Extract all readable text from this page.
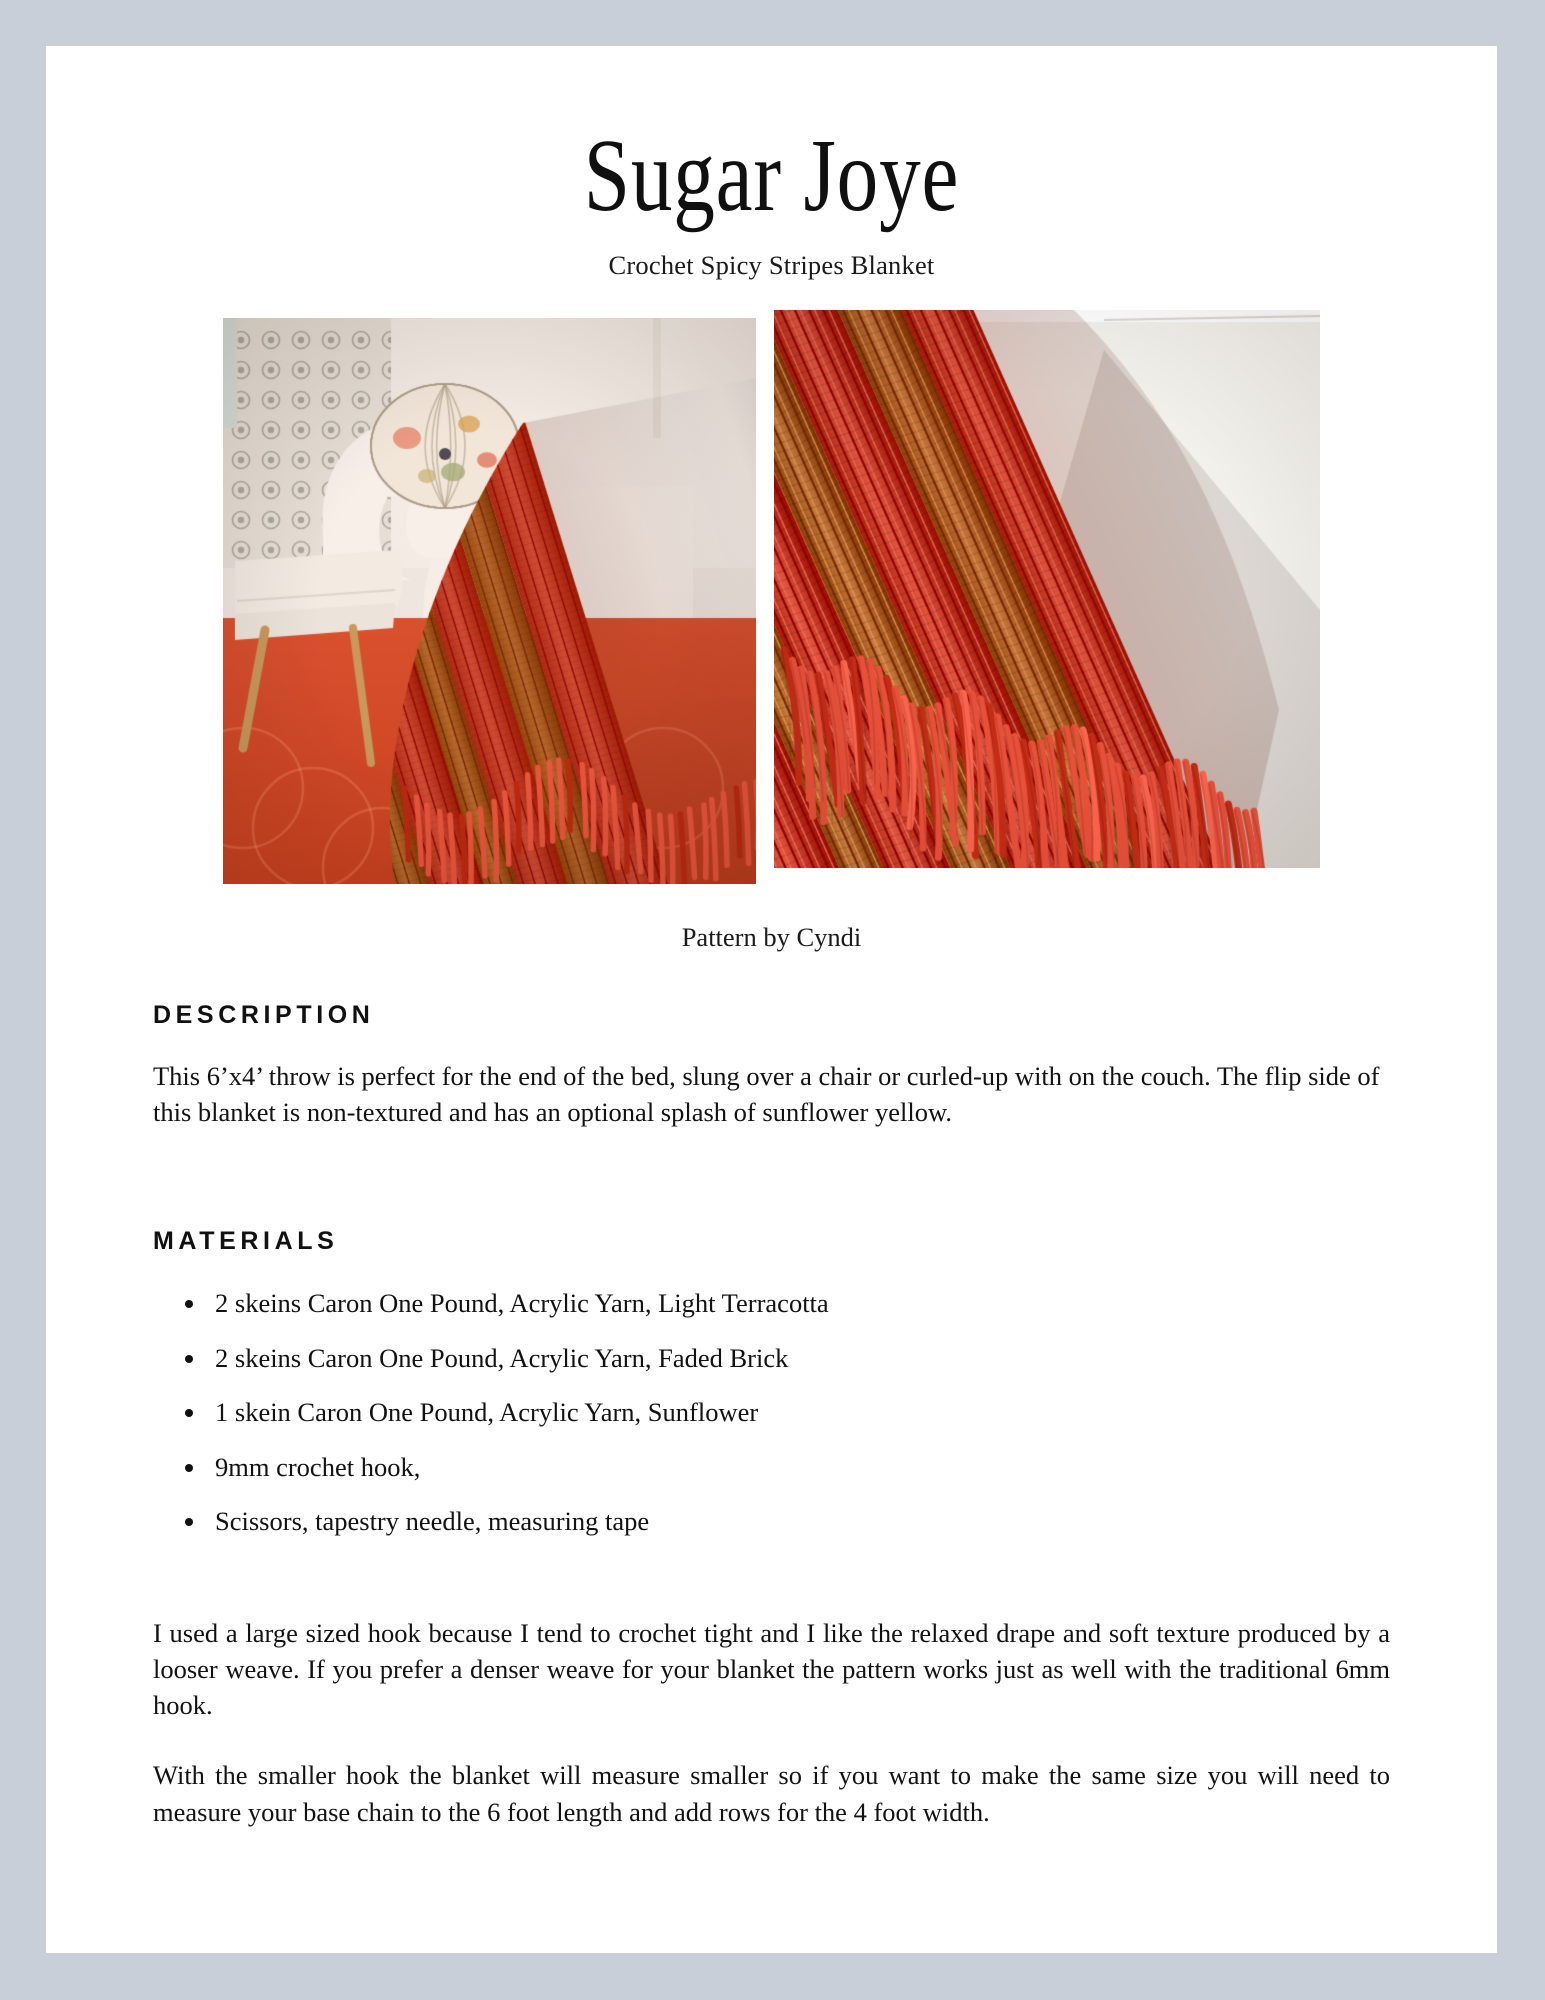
Sugar Joye

Crochet Spicy Stripes Blanket

Pattern by Cyndi

DESCRIPTION

This 6’x4’ throw is perfect for the end of the bed, slung over a chair or curled-up with on the couch. The flip side of this blanket is non-textured and has an optional splash of sunflower yellow.

MATERIALS
2 skeins Caron One Pound, Acrylic Yarn, Light Terracotta
2 skeins Caron One Pound, Acrylic Yarn, Faded Brick
1 skein Caron One Pound, Acrylic Yarn, Sunflower
9mm crochet hook,
Scissors, tapestry needle, measuring tape

I used a large sized hook because I tend to crochet tight and I like the relaxed drape and soft texture produced by a looser weave. If you prefer a denser weave for your blanket the pattern works just as well with the traditional 6mm hook.

With the smaller hook the blanket will measure smaller so if you want to make the same size you will need to measure your base chain to the 6 foot length and add rows for the 4 foot width.
